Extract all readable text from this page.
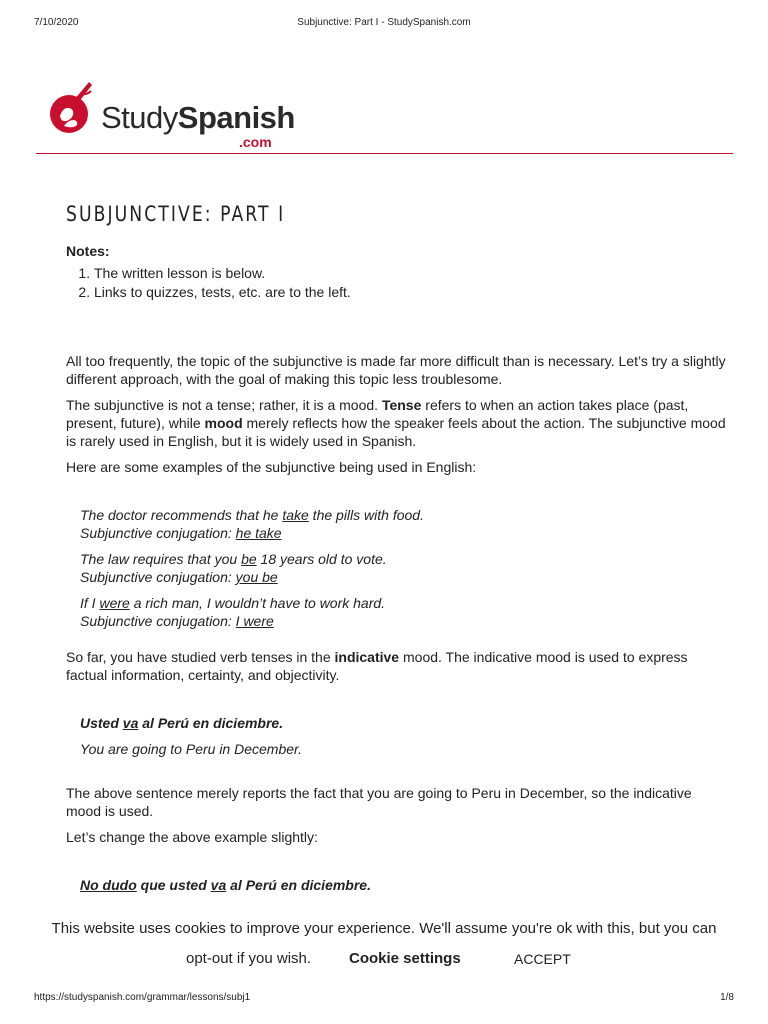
7/10/2020	Subjunctive: Part I - StudySpanish.com
StudySpanish
.com
SUBJUNCTIVE: PART I
Notes:
1. The written lesson is below.
2. Links to quizzes, tests, etc. are to the left.

All too frequently, the topic of the subjunctive is made far more difficult than is necessary. Let’s try a slightly different approach, with the goal of making this topic less troublesome.

The subjunctive is not a tense; rather, it is a mood. Tense refers to when an action takes place (past, present, future), while mood merely reflects how the speaker feels about the action. The subjunctive mood is rarely used in English, but it is widely used in Spanish.

Here are some examples of the subjunctive being used in English:

The doctor recommends that he take the pills with food.
Subjunctive conjugation: he take
The law requires that you be 18 years old to vote.
Subjunctive conjugation: you be
If I were a rich man, I wouldn’t have to work hard.
Subjunctive conjugation: I were

So far, you have studied verb tenses in the indicative mood. The indicative mood is used to express factual information, certainty, and objectivity.

Usted va al Perú en diciembre.
You are going to Peru in December.

The above sentence merely reports the fact that you are going to Peru in December, so the indicative mood is used.

Let’s change the above example slightly:

No dudo que usted va al Perú en diciembre.
This website uses cookies to improve your experience. We'll assume you're ok with this, but you can
opt-out if you wish.	Cookie settings	ACCEPT
https://studyspanish.com/grammar/lessons/subj1	1/8
